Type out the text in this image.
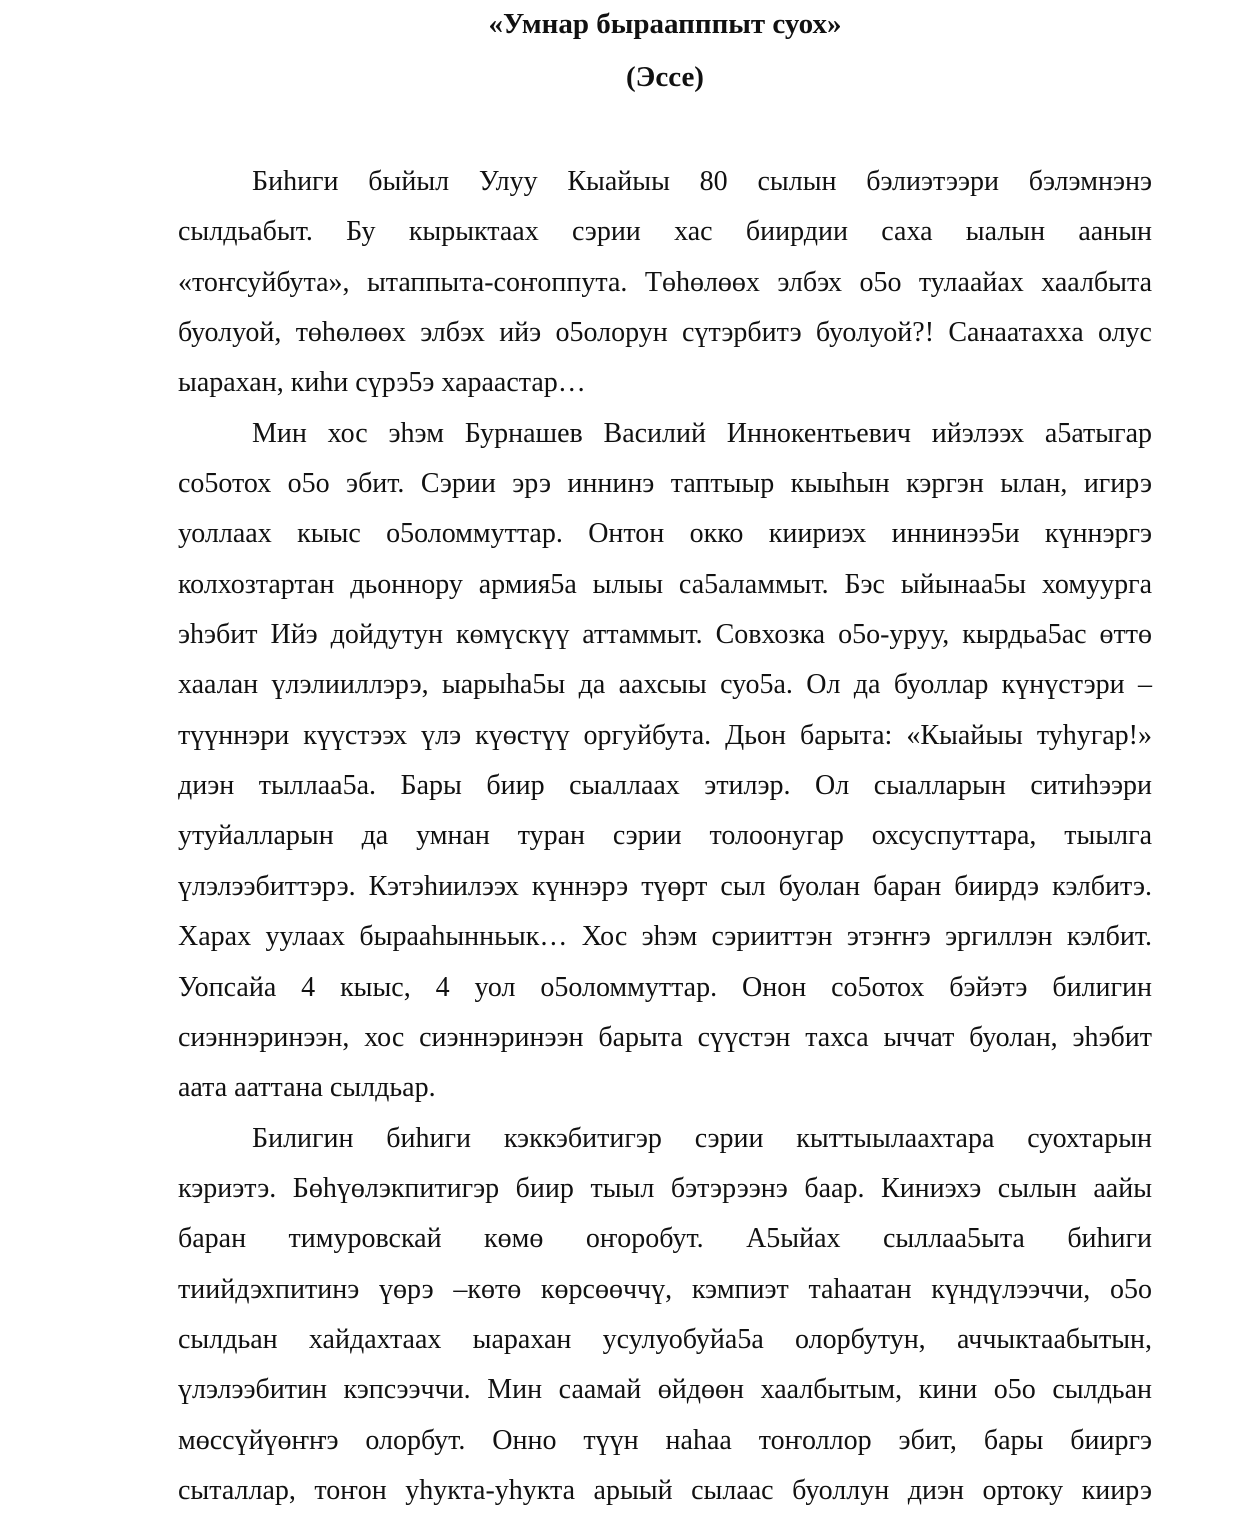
«Умнар быраапппыт суох»
(Эссе)
Биhиги быйыл Улуу Кыайыы 80 сылын бэлиэтээри бэлэмнэнэ
сылдьабыт. Бу кырыктаах сэрии хас биирдии саха ыалын аанын
«тоҥсуйбута», ытаппыта-соҥоппута. Төhөлөөх элбэх о5о тулаайах хаалбыта
буолуой, төhөлөөх элбэх ийэ о5олорун сүтэрбитэ буолуой?! Санаатахха олус
ыарахан, киhи сүрэ5э хараастар…
Мин хос эhэм Бурнашев Василий Иннокентьевич ийэлээх а5атыгар
со5отох о5о эбит. Сэрии эрэ иннинэ таптыыр кыыhын кэргэн ылан, игирэ
уоллаах кыыс о5оломмуттар. Онтон окко киириэх иннинээ5и күннэргэ
колхозтартан дьоннору армия5а ылыы са5аламмыт. Бэс ыйынаа5ы хомуурга
эhэбит Ийэ дойдутун көмүскүү аттаммыт. Совхозка о5о-уруу, кырдьа5ас өттө
хаалан үлэлииллэрэ, ыарыhа5ы да аахсыы суо5а. Ол да буоллар күнүстэри –
түүннэри күүстээх үлэ күөстүү оргуйбута. Дьон барыта: «Кыайыы туhугар!»
диэн тыллаа5а. Бары биир сыаллаах этилэр. Ол сыалларын ситиhээри
утуйалларын да умнан туран сэрии толоонугар охсуспуттара, тыылга
үлэлээбиттэрэ. Кэтэhиилээх күннэрэ түөрт сыл буолан баран биирдэ кэлбитэ.
Харах уулаах бырааhынньык… Хос эhэм сэрииттэн этэҥҥэ эргиллэн кэлбит.
Уопсайа 4 кыыс, 4 уол о5оломмуттар. Онон со5отох бэйэтэ билигин
сиэннэринээн, хос сиэннэринээн барыта сүүстэн тахса ыччат буолан, эhэбит
аата ааттана сылдьар.
Билигин биhиги кэккэбитигэр сэрии кыттыылаахтара суохтарын
кэриэтэ. Бөhүөлэкпитигэр биир тыыл бэтэрээнэ баар. Киниэхэ сылын аайы
баран тимуровскай көмө оҥоробут. А5ыйах сыллаа5ыта биhиги
тиийдэхпитинэ үөрэ –көтө көрсөөччү, кэмпиэт таhаатан күндүлээччи, о5о
сылдьан хайдахтаах ыарахан усулуобуйа5а олорбутун, аччыктаабытын,
үлэлээбитин кэпсээччи. Мин саамай өйдөөн хаалбытым, кини о5о сылдьан
мөссүйүөҥҥэ олорбут. Онно түүн наhаа тоҥоллор эбит, бары бииргэ
сыталлар, тоҥон уhукта-уhукта арыый сылаас буоллун диэн ортоку киирэ
